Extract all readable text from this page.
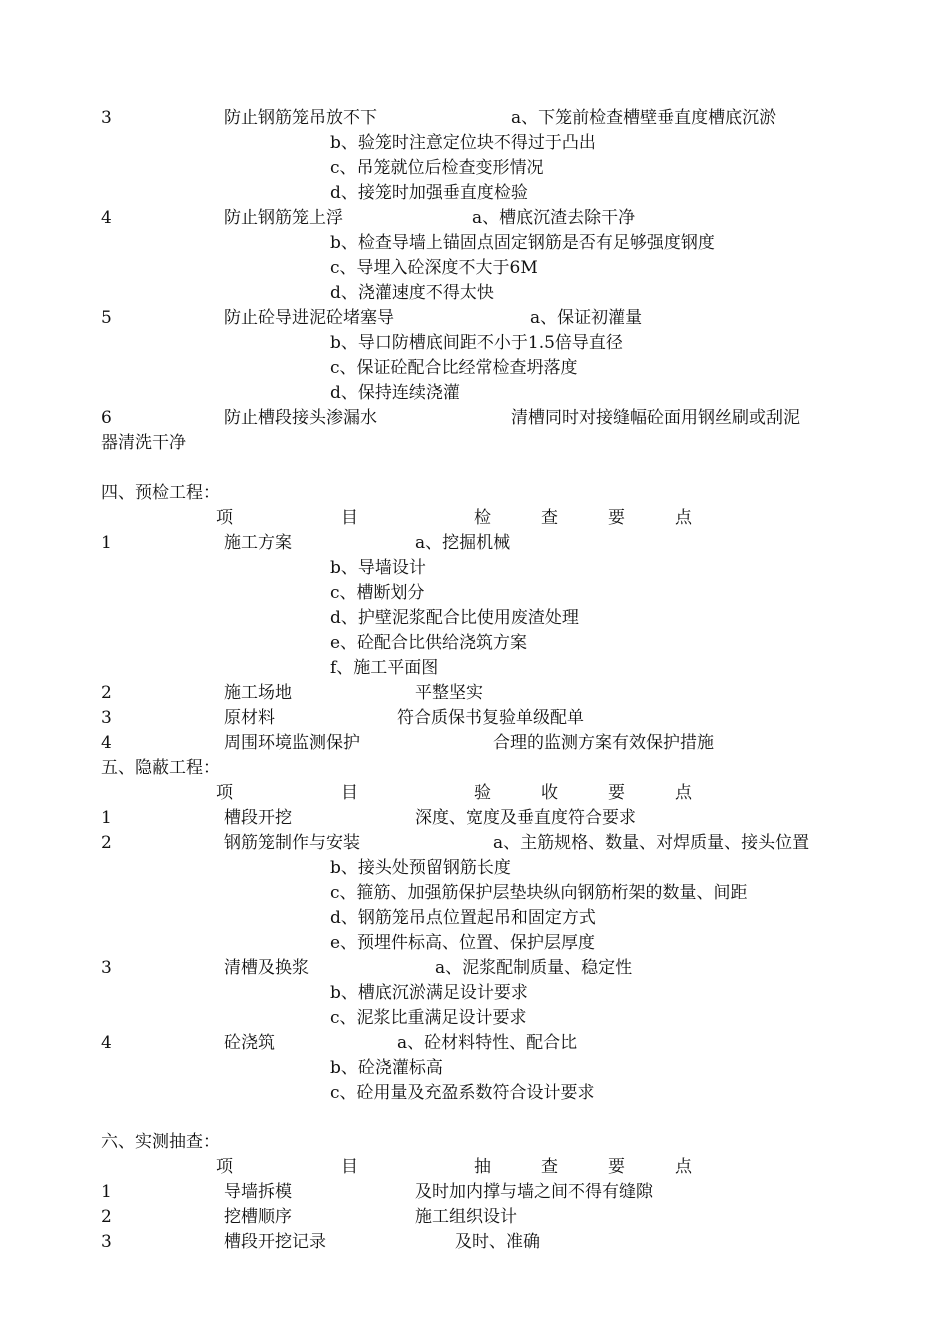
3	防止钢筋笼吊放不下	a、下笼前检查槽壁垂直度槽底沉淤
b、验笼时注意定位块不得过于凸出
c、吊笼就位后检查变形情况
d、接笼时加强垂直度检验
4	防止钢筋笼上浮	a、槽底沉渣去除干净
b、检查导墙上锚固点固定钢筋是否有足够强度钢度
c、导埋入砼深度不大于6M
d、浇灌速度不得太快
5	防止砼导进泥砼堵塞导	a、保证初灌量
b、导口防槽底间距不小于1.5倍导直径
c、保证砼配合比经常检查坍落度
d、保持连续浇灌
6	防止槽段接头渗漏水	清槽同时对接缝幅砼面用钢丝刷或刮泥
器清洗干净
四、预检工程：
项	目	检	查	要	点
1	施工方案	a、挖掘机械
b、导墙设计
c、槽断划分
d、护壁泥浆配合比使用废渣处理
e、砼配合比供给浇筑方案
f、施工平面图
2	施工场地	平整坚实
3	原材料	符合质保书复验单级配单
4	周围环境监测保护	合理的监测方案有效保护措施
五、隐蔽工程：
项	目	验	收	要	点
1	槽段开挖	深度、宽度及垂直度符合要求
2	钢筋笼制作与安装	a、主筋规格、数量、对焊质量、接头位置
b、接头处预留钢筋长度
c、箍筋、加强筋保护层垫块纵向钢筋桁架的数量、间距
d、钢筋笼吊点位置起吊和固定方式
e、预埋件标高、位置、保护层厚度
3	清槽及换浆	a、泥浆配制质量、稳定性
b、槽底沉淤满足设计要求
c、泥浆比重满足设计要求
4	砼浇筑	a、砼材料特性、配合比
b、砼浇灌标高
c、砼用量及充盈系数符合设计要求
六、实测抽查：
项	目	抽	查	要	点
1	导墙拆模	及时加内撑与墙之间不得有缝隙
2	挖槽顺序	施工组织设计
3	槽段开挖记录	及时、准确
